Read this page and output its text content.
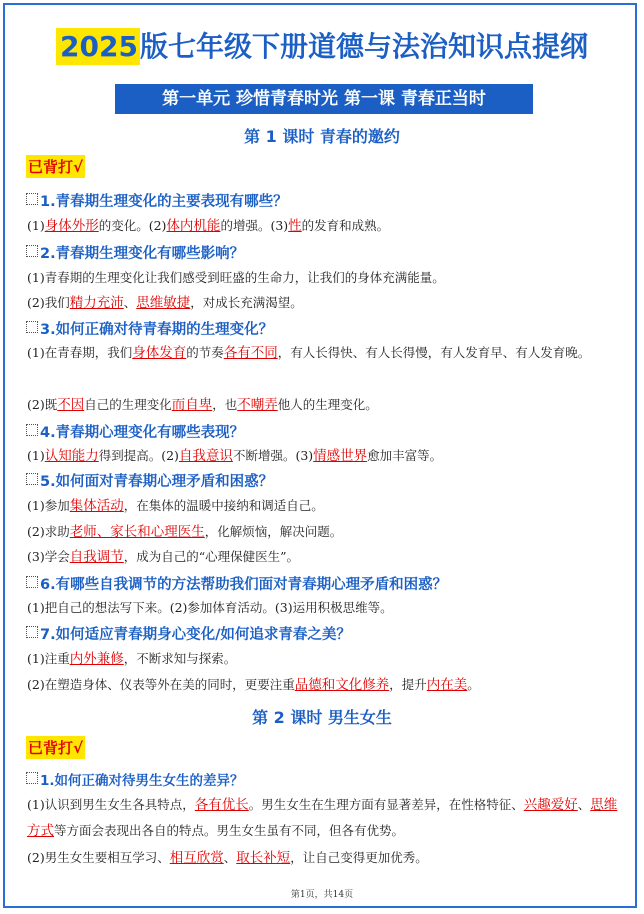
2025版七年级下册道德与法治知识点提纲
第一单元 珍惜青春时光 第一课 青春正当时
第 1 课时 青春的邀约
已背打√
1.青春期生理变化的主要表现有哪些？
(1)身体外形的变化。(2)体内机能的增强。(3)性的发育和成熟。
2.青春期生理变化有哪些影响？
(1)青春期的生理变化让我们感受到旺盛的生命力，让我们的身体充满能量。
(2)我们精力充沛、思维敏捷，对成长充满渴望。
3.如何正确对待青春期的生理变化？
(1)在青春期，我们身体发育的节奏各有不同，有人长得快、有人长得慢，有人发育早、有人发育晚。
(2)既不因自己的生理变化而自卑，也不嘲弄他人的生理变化。
4.青春期心理变化有哪些表现？
(1)认知能力得到提高。(2)自我意识不断增强。(3)情感世界愈加丰富等。
5.如何面对青春期心理矛盾和困惑？
(1)参加集体活动，在集体的温暖中接纳和调适自己。
(2)求助老师、家长和心理医生，化解烦恼，解决问题。
(3)学会自我调节，成为自己的“心理保健医生”。
6.有哪些自我调节的方法帮助我们面对青春期心理矛盾和困惑？
(1)把自己的想法写下来。(2)参加体育活动。(3)运用积极思维等。
7.如何适应青春期身心变化/如何追求青春之美？
(1)注重内外兼修，不断求知与探索。
(2)在塑造身体、仪表等外在美的同时，更要注重品德和文化修养，提升内在美。
第 2 课时 男生女生
已背打√
1.如何正确对待男生女生的差异？
(1)认识到男生女生各具特点，各有优长。男生女生在生理方面有显著差异，在性格特征、兴趣爱好、思维方式等方面会表现出各自的特点。男生女生虽有不同，但各有优势。
(2)男生女生要相互学习、相互欣赏、取长补短，让自己变得更加优秀。
第1页，共14页
